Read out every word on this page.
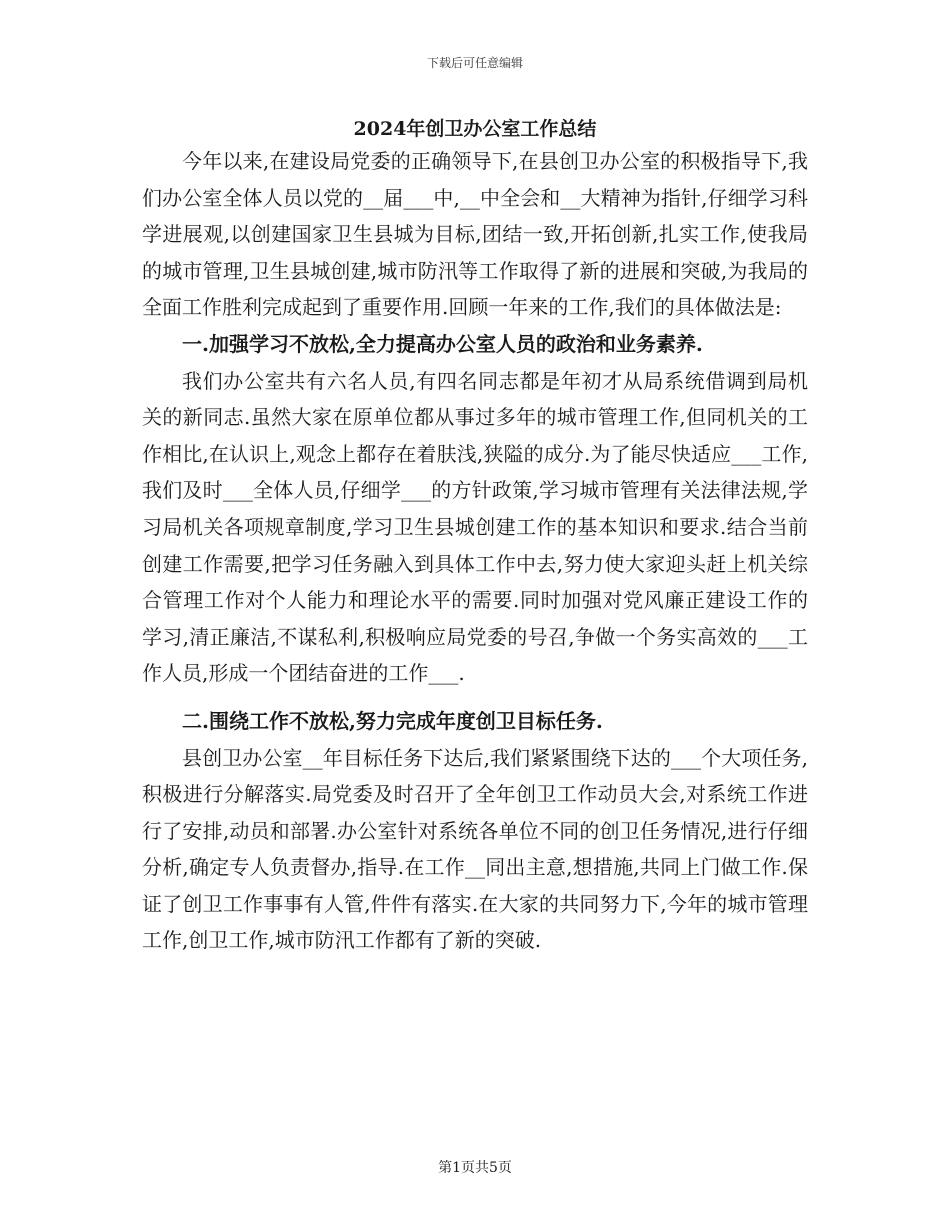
下载后可任意编辑
2024年创卫办公室工作总结

今年以来,在建设局党委的正确领导下,在县创卫办公室的积极指导下,我们办公室全体人员以党的__届___中,__中全会和__大精神为指针,仔细学习科学进展观,以创建国家卫生县城为目标,团结一致,开拓创新,扎实工作,使我局的城市管理,卫生县城创建,城市防汛等工作取得了新的进展和突破,为我局的全面工作胜利完成起到了重要作用.回顾一年来的工作,我们的具体做法是:

一.加强学习不放松,全力提高办公室人员的政治和业务素养.

我们办公室共有六名人员,有四名同志都是年初才从局系统借调到局机关的新同志.虽然大家在原单位都从事过多年的城市管理工作,但同机关的工作相比,在认识上,观念上都存在着肤浅,狭隘的成分.为了能尽快适应___工作,我们及时___全体人员,仔细学___的方针政策,学习城市管理有关法律法规,学习局机关各项规章制度,学习卫生县城创建工作的基本知识和要求.结合当前创建工作需要,把学习任务融入到具体工作中去,努力使大家迎头赶上机关综合管理工作对个人能力和理论水平的需要.同时加强对党风廉正建设工作的学习,清正廉洁,不谋私利,积极响应局党委的号召,争做一个务实高效的___工作人员,形成一个团结奋进的工作___.

二.围绕工作不放松,努力完成年度创卫目标任务.

县创卫办公室__年目标任务下达后,我们紧紧围绕下达的___个大项任务,积极进行分解落实.局党委及时召开了全年创卫工作动员大会,对系统工作进行了安排,动员和部署.办公室针对系统各单位不同的创卫任务情况,进行仔细分析,确定专人负责督办,指导.在工作__同出主意,想措施,共同上门做工作.保证了创卫工作事事有人管,件件有落实.在大家的共同努力下,今年的城市管理工作,创卫工作,城市防汛工作都有了新的突破.

第1页共5页
